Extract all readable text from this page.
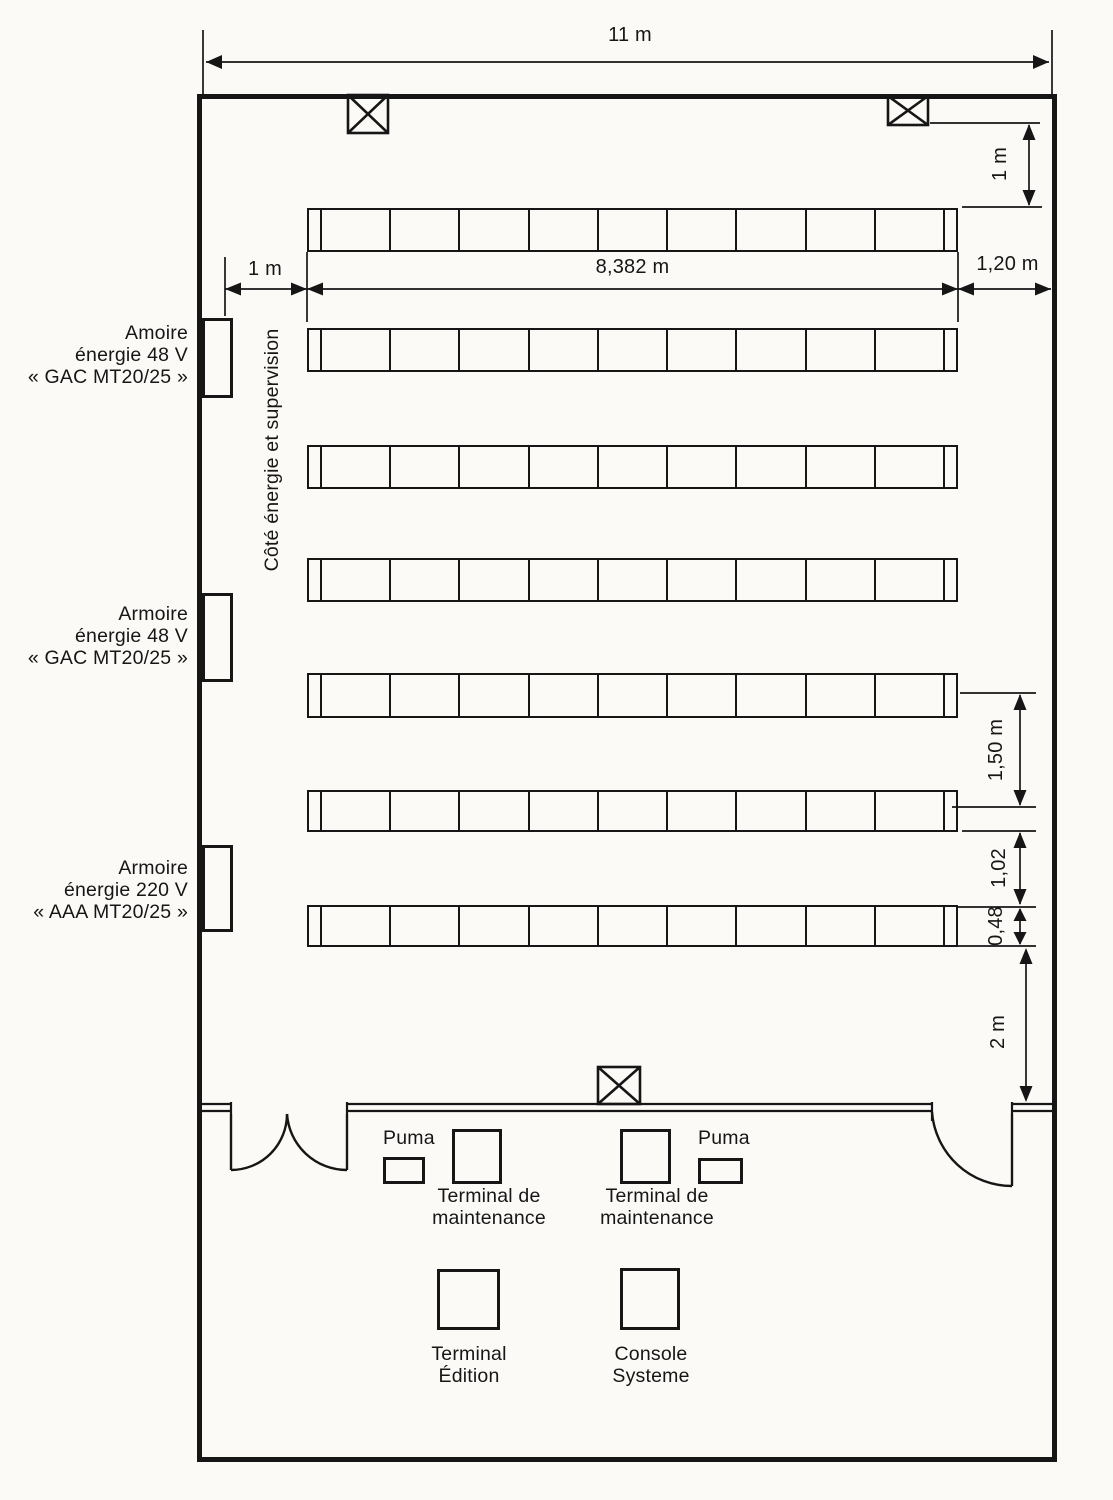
Amoire
énergie 48 V
« GAC MT20/25 »
Armoire
énergie 48 V
« GAC MT20/25 »
Armoire
énergie 220 V
« AAA MT20/25 »
Côté énergie et supervision
11 m
1 m	8,382 m	1,20 m
1 m
1,50 m
1,02
0,48
2 m
Puma
Terminal de
maintenance
Terminal de
maintenance
Puma
Terminal
Édition
Console
Systeme
